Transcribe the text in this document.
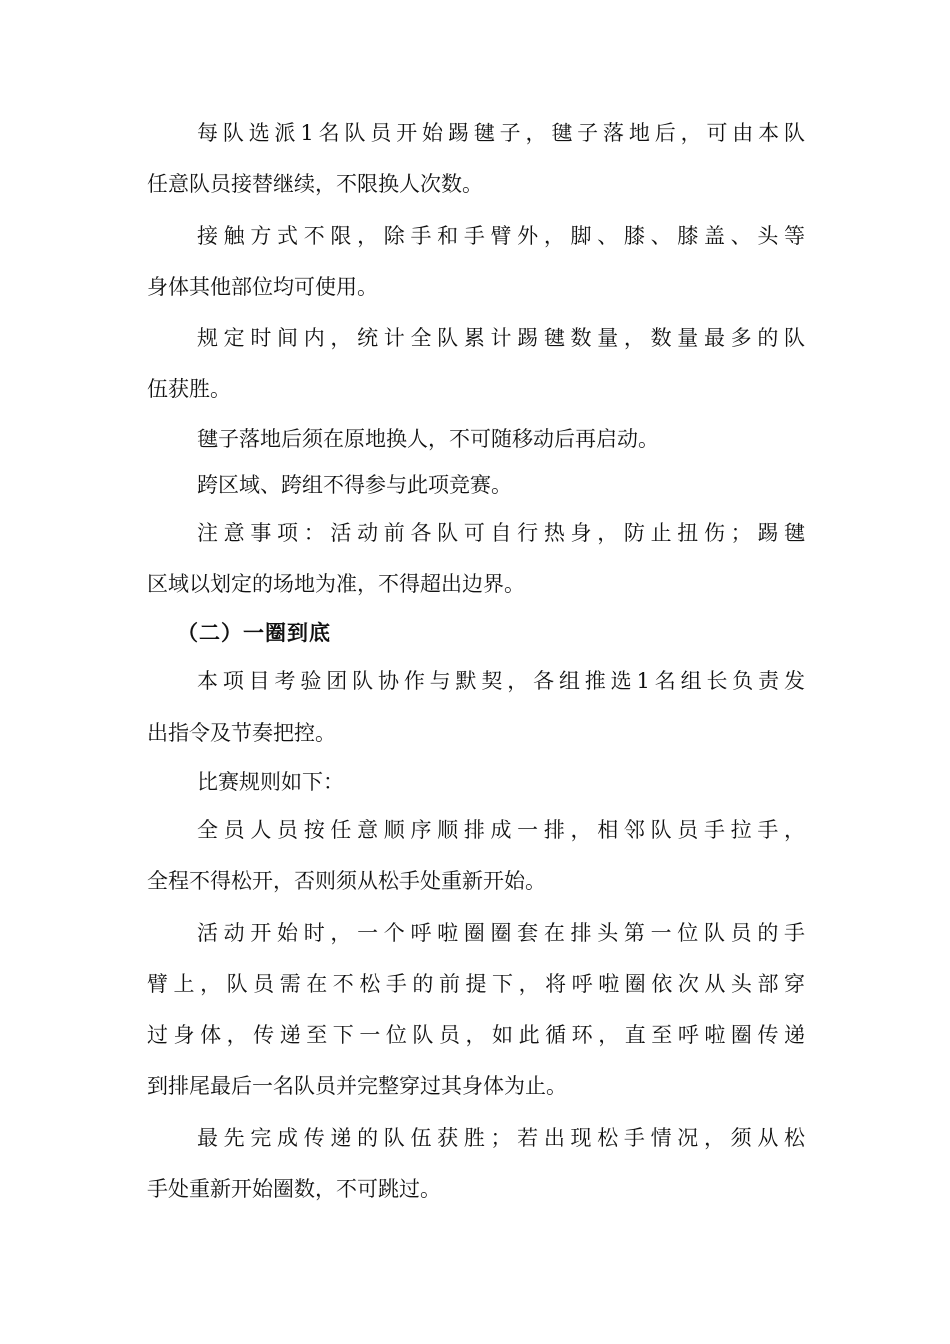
每队选派1名队员开始踢毽子，毽子落地后，可由本队
任意队员接替继续，不限换人次数。
接触方式不限，除手和手臂外，脚、膝、膝盖、头等
身体其他部位均可使用。
规定时间内，统计全队累计踢毽数量，数量最多的队
伍获胜。
毽子落地后须在原地换人，不可随移动后再启动。
跨区域、跨组不得参与此项竞赛。
注意事项：活动前各队可自行热身，防止扭伤；踢毽
区域以划定的场地为准，不得超出边界。
（二）一圈到底
本项目考验团队协作与默契，各组推选1名组长负责发
出指令及节奏把控。
比赛规则如下：
全员人员按任意顺序顺排成一排，相邻队员手拉手，
全程不得松开，否则须从松手处重新开始。
活动开始时，一个呼啦圈圈套在排头第一位队员的手
臂上，队员需在不松手的前提下，将呼啦圈依次从头部穿
过身体，传递至下一位队员，如此循环，直至呼啦圈传递
到排尾最后一名队员并完整穿过其身体为止。
最先完成传递的队伍获胜；若出现松手情况，须从松
手处重新开始圈数，不可跳过。
